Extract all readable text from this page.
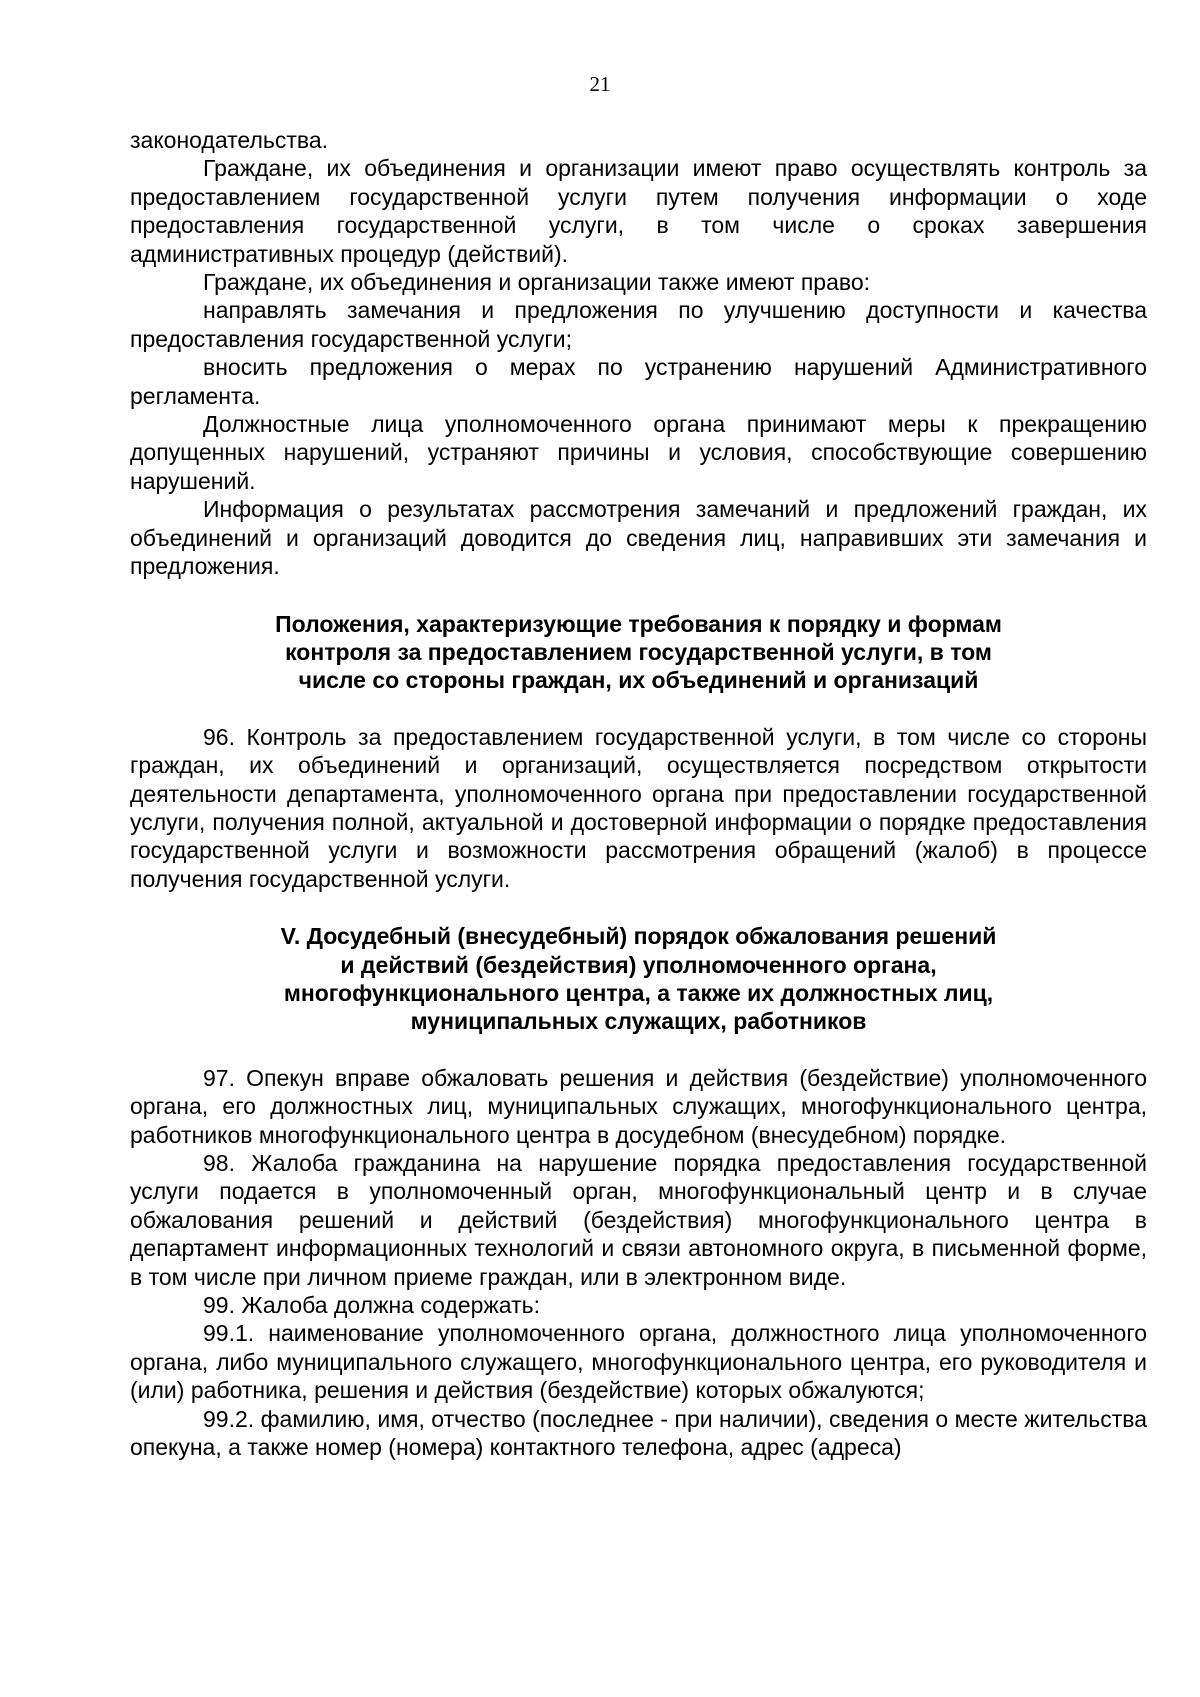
21

законодательства.

Граждане, их объединения и организации имеют право осуществлять контроль за предоставлением государственной услуги путем получения информации о ходе предоставления государственной услуги, в том числе о сроках завершения административных процедур (действий).

Граждане, их объединения и организации также имеют право:

направлять замечания и предложения по улучшению доступности и качества предоставления государственной услуги;

вносить предложения о мерах по устранению нарушений Административного регламента.

Должностные лица уполномоченного органа принимают меры к прекращению допущенных нарушений, устраняют причины и условия, способствующие совершению нарушений.

Информация о результатах рассмотрения замечаний и предложений граждан, их объединений и организаций доводится до сведения лиц, направивших эти замечания и предложения.

Положения, характеризующие требования к порядку и формам

контроля за предоставлением государственной услуги, в том

числе со стороны граждан, их объединений и организаций

96. Контроль за предоставлением государственной услуги, в том числе со стороны граждан, их объединений и организаций, осуществляется посредством открытости деятельности департамента, уполномоченного органа при предоставлении государственной услуги, получения полной, актуальной и достоверной информации о порядке предоставления государственной услуги и возможности рассмотрения обращений (жалоб) в процессе получения государственной услуги.

V. Досудебный (внесудебный) порядок обжалования решений

и действий (бездействия) уполномоченного органа,

многофункционального центра, а также их должностных лиц,

муниципальных служащих, работников

97. Опекун вправе обжаловать решения и действия (бездействие) уполномоченного органа, его должностных лиц, муниципальных служащих, многофункционального центра, работников многофункционального центра в досудебном (внесудебном) порядке.

98. Жалоба гражданина на нарушение порядка предоставления государственной услуги подается в уполномоченный орган, многофункциональный центр и в случае обжалования решений и действий (бездействия) многофункционального центра в департамент информационных технологий и связи автономного округа, в письменной форме, в том числе при личном приеме граждан, или в электронном виде.

99. Жалоба должна содержать:

99.1. наименование уполномоченного органа, должностного лица уполномоченного органа, либо муниципального служащего, многофункционального центра, его руководителя и (или) работника, решения и действия (бездействие) которых обжалуются;

99.2. фамилию, имя, отчество (последнее - при наличии), сведения о месте жительства опекуна, а также номер (номера) контактного телефона, адрес (адреса)
